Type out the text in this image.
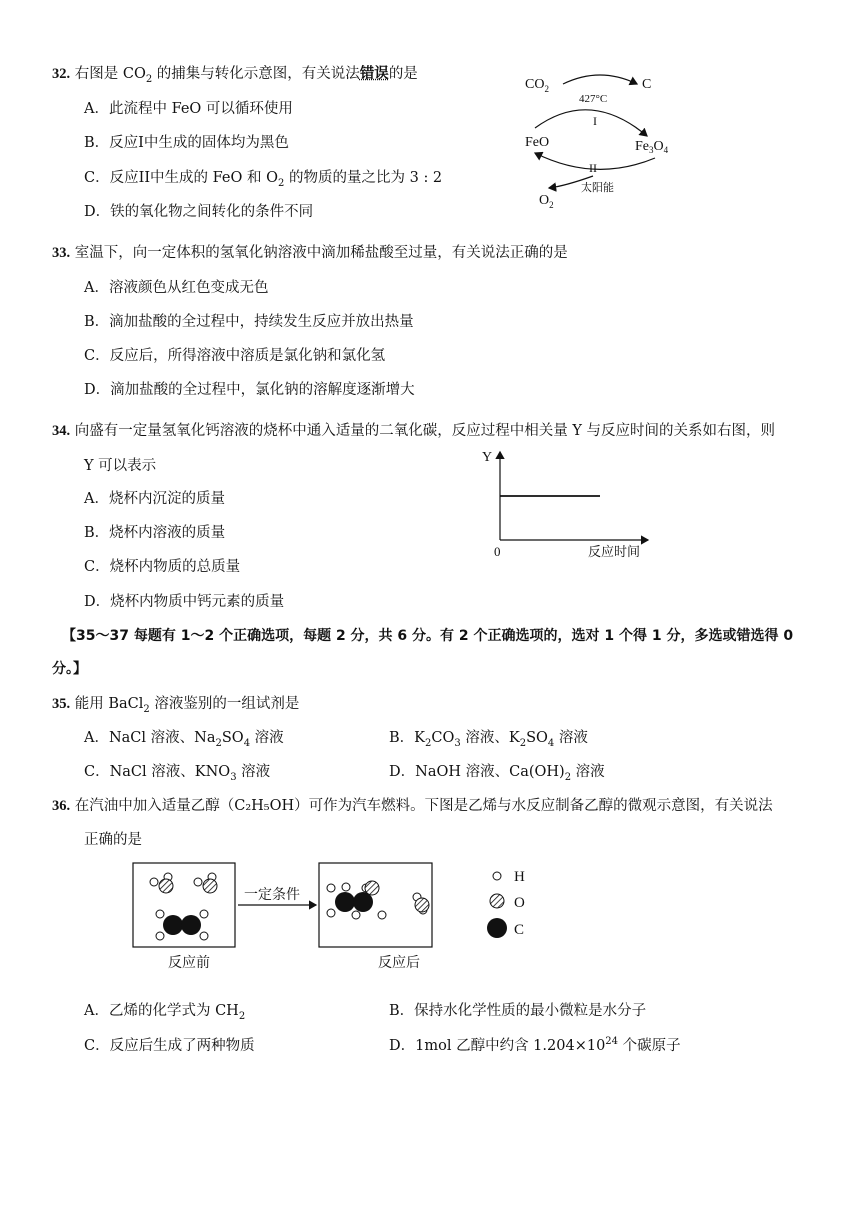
32. 右图是 $CO_2$ 的捕集与转化示意图，有关说法错误的是
A．此流程中 FeO 可以循环使用
B．反应I中生成的固体均为黑色
C．反应II中生成的 FeO 和 $O_2$ 的物质的量之比为 3 : 2
D．铁的氧化物之间转化的条件不同
$CO_2$	C
427°C
I
FeO	$Fe_3O_4$
II
太阳能
$O_2$
33. 室温下，向一定体积的氢氧化钠溶液中滴加稀盐酸至过量，有关说法正确的是
A．溶液颜色从红色变成无色
B．滴加盐酸的全过程中，持续发生反应并放出热量
C．反应后，所得溶液中溶质是氯化钠和氯化氢
D．滴加盐酸的全过程中，氯化钠的溶解度逐渐增大
34. 向盛有一定量氢氧化钙溶液的烧杯中通入适量的二氧化碳，反应过程中相关量 Y 与反应时间的关系如右图，则
Y 可以表示
A．烧杯内沉淀的质量
B．烧杯内溶液的质量
C．烧杯内物质的总质量
D．烧杯内物质中钙元素的质量
Y
0	反应时间
【35～37 每题有 1～2 个正确选项，每题 2 分，共 6 分。有 2 个正确选项的，选对 1 个得 1 分，多选或错选得 0
分。】
35. 能用 BaCl$_2$ 溶液鉴别的一组试剂是
A．NaCl 溶液、$Na_2SO_4$ 溶液	B．$K_2CO_3$ 溶液、$K_2SO_4$ 溶液
C．NaCl 溶液、$KNO_3$ 溶液	D．NaOH 溶液、$Ca(OH)_2$ 溶液
36. 在汽油中加入适量乙醇（C₂H₅OH）可作为汽车燃料。下图是乙烯与水反应制备乙醇的微观示意图，有关说法
正确的是
一定条件
反应前	反应后
H
O
C
A．乙烯的化学式为 $CH_2$	B．保持水化学性质的最小微粒是水分子
C．反应后生成了两种物质	D．1mol 乙醇中约含 $1.204\times 10^{24}$ 个碳原子
